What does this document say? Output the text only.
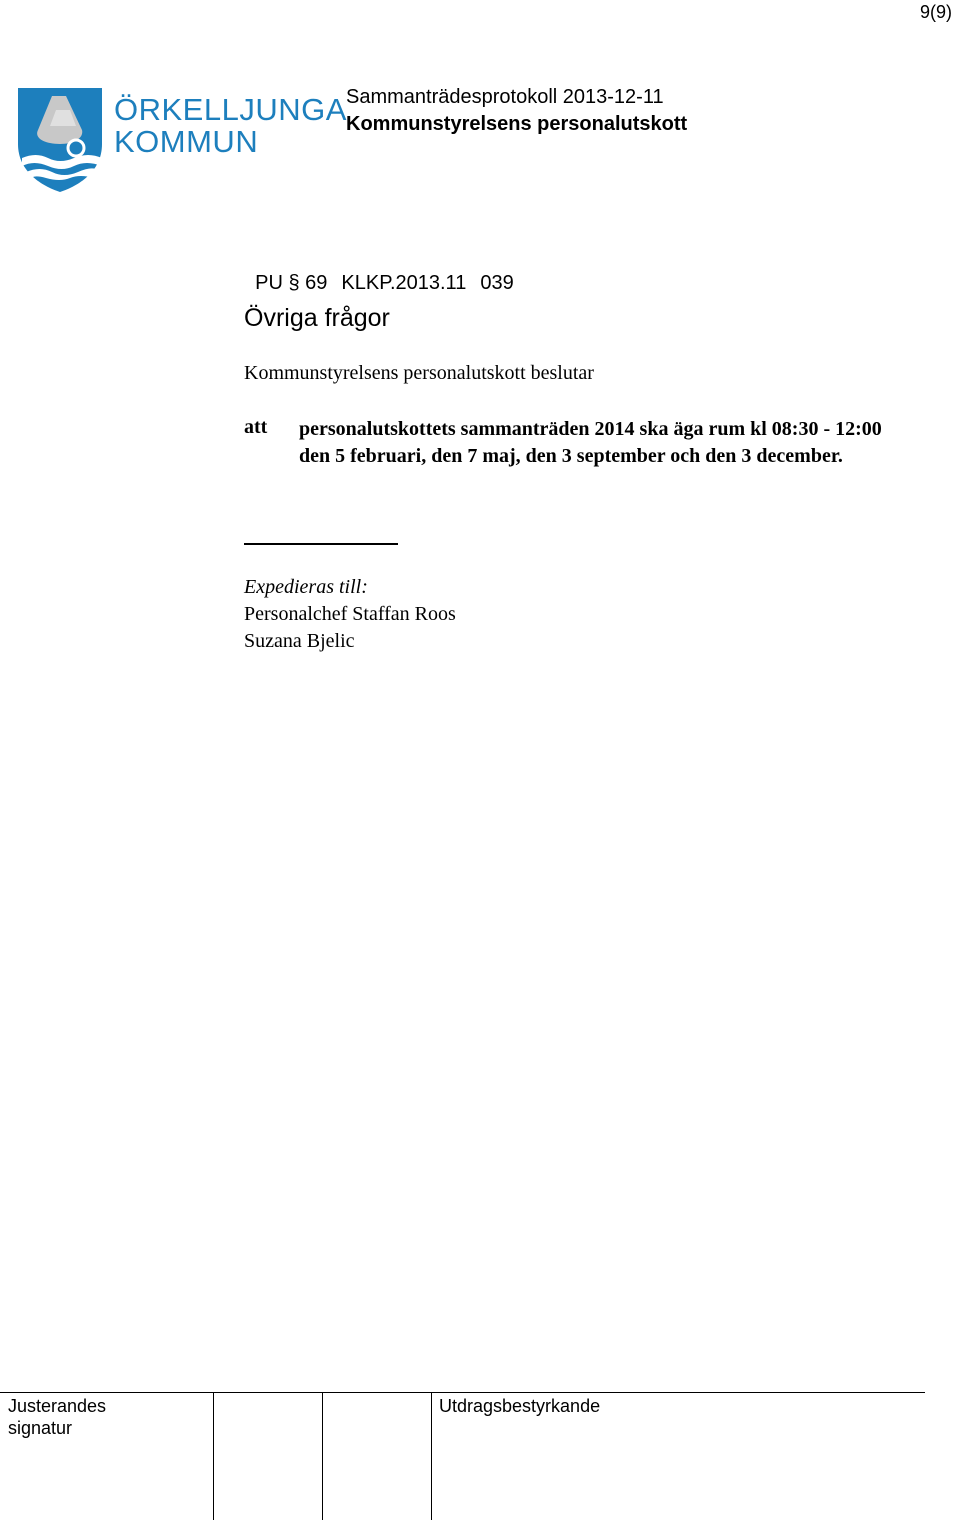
9(9)
ÖRKELLJUNGA
KOMMUN
Sammanträdesprotokoll 2013-12-11
Kommunstyrelsens personalutskott

PU § 69 KLKP.2013.11 039

Övriga frågor
Kommunstyrelsens personalutskott beslutar
att personalutskottets sammanträden 2014 ska äga rum kl 08:30 - 12:00 den 5 februari, den 7 maj, den 3 september och den 3 december.
Expedieras till:
Personalchef Staffan Roos
Suzana Bjelic
Justerandes
signatur
Utdragsbestyrkande
